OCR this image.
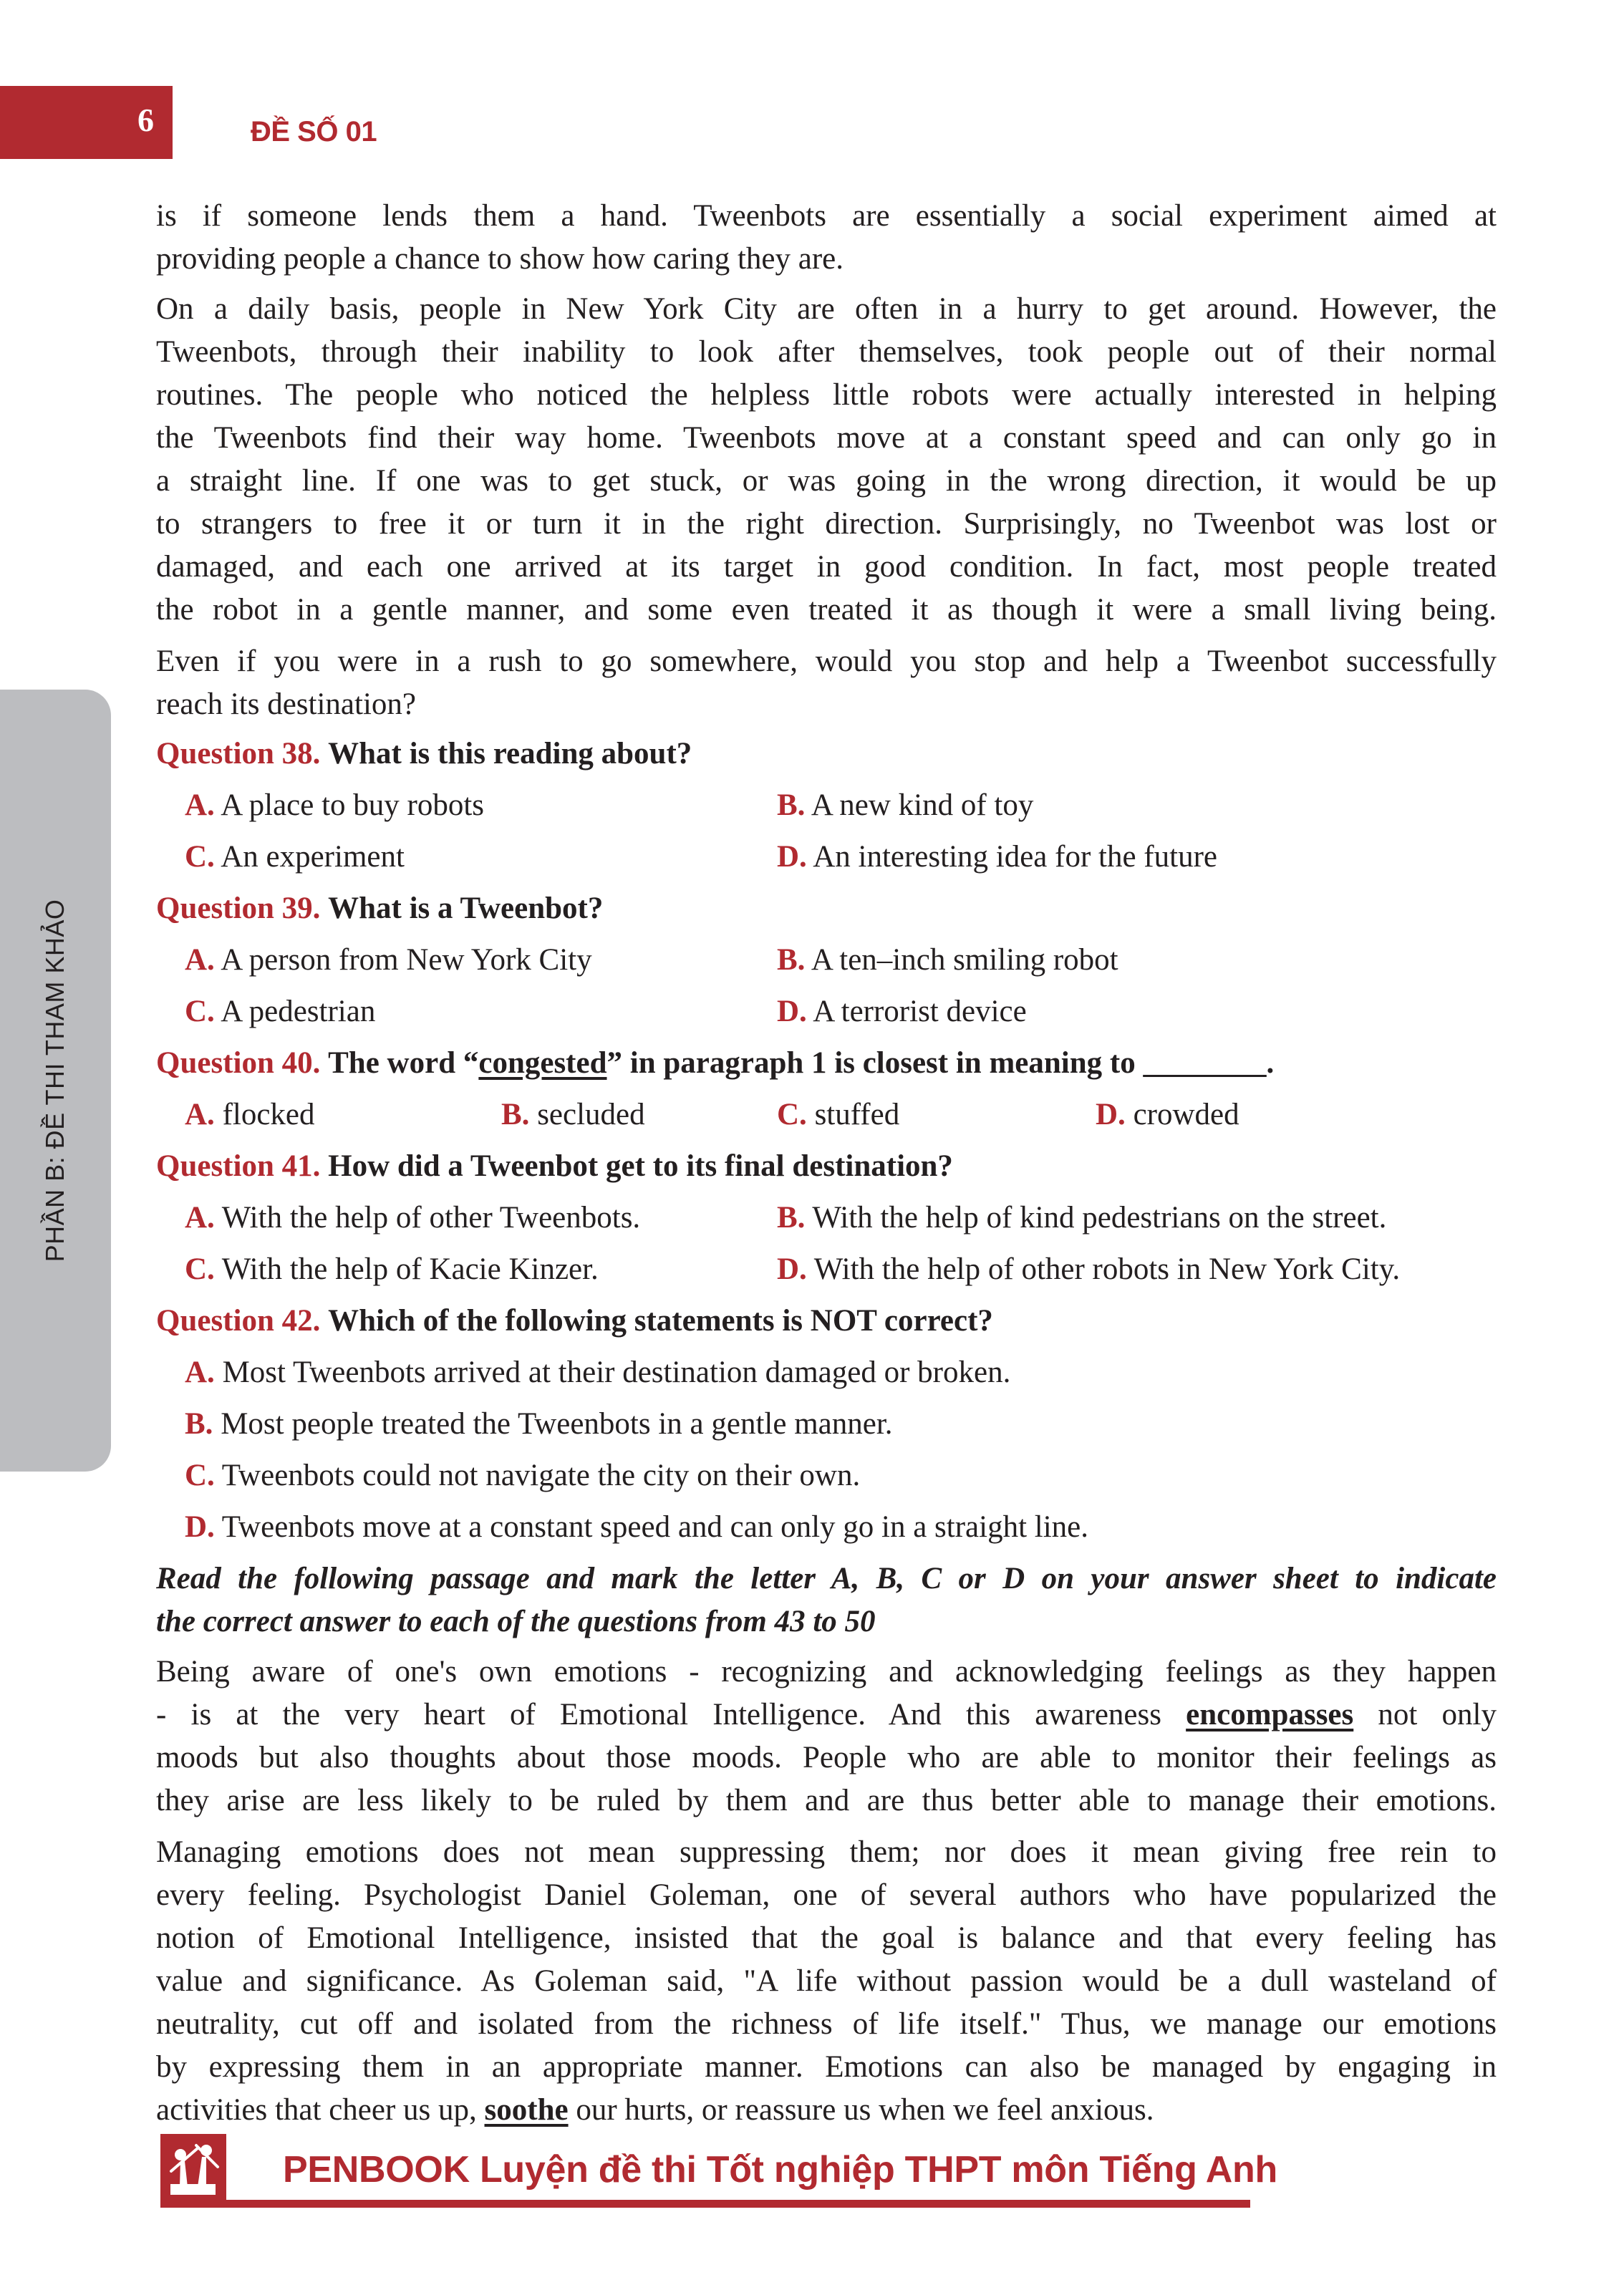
6	ĐỀ SỐ 01
PHẦN B: ĐỀ THI THAM KHẢO
is if someone lends them a hand. Tweenbots are essentially a social experiment aimed at
providing people a chance to show how caring they are.
On a daily basis, people in New York City are often in a hurry to get around. However, the
Tweenbots, through their inability to look after themselves, took people out of their normal
routines. The people who noticed the helpless little robots were actually interested in helping
the Tweenbots find their way home. Tweenbots move at a constant speed and can only go in
a straight line. If one was to get stuck, or was going in the wrong direction, it would be up
to strangers to free it or turn it in the right direction. Surprisingly, no Tweenbot was lost or
damaged, and each one arrived at its target in good condition. In fact, most people treated
the robot in a gentle manner, and some even treated it as though it were a small living being.
Even if you were in a rush to go somewhere, would you stop and help a Tweenbot successfully
reach its destination?
Question 38. What is this reading about?
A. A place to buy robots	B. A new kind of toy
C. An experiment	D. An interesting idea for the future
Question 39. What is a Tweenbot?
A. A person from New York City	B. A ten–inch smiling robot
C. A pedestrian	D. A terrorist device
Question 40. The word “congested” in paragraph 1 is closest in meaning to ________.
A. flocked	B. secluded	C. stuffed	D. crowded
Question 41. How did a Tweenbot get to its final destination?
A. With the help of other Tweenbots.	B. With the help of kind pedestrians on the street.
C. With the help of Kacie Kinzer.	D. With the help of other robots in New York City.
Question 42. Which of the following statements is NOT correct?
A. Most Tweenbots arrived at their destination damaged or broken.
B. Most people treated the Tweenbots in a gentle manner.
C. Tweenbots could not navigate the city on their own.
D. Tweenbots move at a constant speed and can only go in a straight line.
Read the following passage and mark the letter A, B, C or D on your answer sheet to indicate
the correct answer to each of the questions from 43 to 50
Being aware of one's own emotions - recognizing and acknowledging feelings as they happen
- is at the very heart of Emotional Intelligence. And this awareness encompasses not only
moods but also thoughts about those moods. People who are able to monitor their feelings as
they arise are less likely to be ruled by them and are thus better able to manage their emotions.
Managing emotions does not mean suppressing them; nor does it mean giving free rein to
every feeling. Psychologist Daniel Goleman, one of several authors who have popularized the
notion of Emotional Intelligence, insisted that the goal is balance and that every feeling has
value and significance. As Goleman said, "A life without passion would be a dull wasteland of
neutrality, cut off and isolated from the richness of life itself." Thus, we manage our emotions
by expressing them in an appropriate manner. Emotions can also be managed by engaging in
activities that cheer us up, soothe our hurts, or reassure us when we feel anxious.
PENBOOK Luyện đề thi Tốt nghiệp THPT môn Tiếng Anh
